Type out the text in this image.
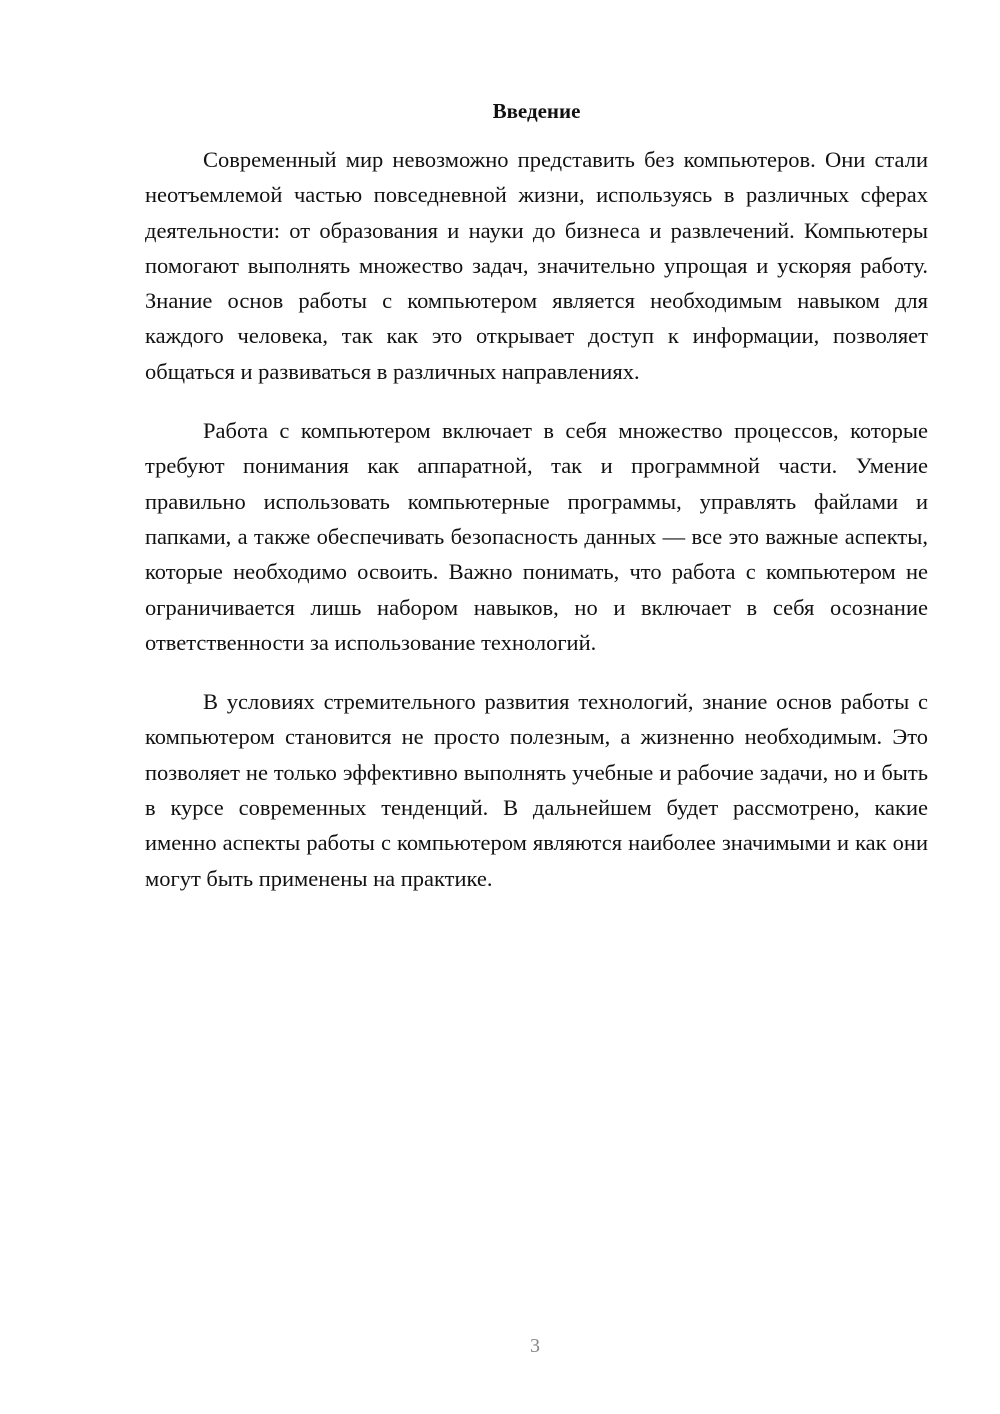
Введение

Современный мир невозможно представить без компьютеров. Они стали неотъемлемой частью повседневной жизни, используясь в различных сферах деятельности: от образования и науки до бизнеса и развлечений. Компьютеры помогают выполнять множество задач, значительно упрощая и ускоряя работу. Знание основ работы с компьютером является необходимым навыком для каждого человека, так как это открывает доступ к информации, позволяет общаться и развиваться в различных направлениях.

Работа с компьютером включает в себя множество процессов, которые требуют понимания как аппаратной, так и программной части. Умение правильно использовать компьютерные программы, управлять файлами и папками, а также обеспечивать безопасность данных — все это важные аспекты, которые необходимо освоить. Важно понимать, что работа с компьютером не ограничивается лишь набором навыков, но и включает в себя осознание ответственности за использование технологий.

В условиях стремительного развития технологий, знание основ работы с компьютером становится не просто полезным, а жизненно необходимым. Это позволяет не только эффективно выполнять учебные и рабочие задачи, но и быть в курсе современных тенденций. В дальнейшем будет рассмотрено, какие именно аспекты работы с компьютером являются наиболее значимыми и как они могут быть применены на практике.

3
